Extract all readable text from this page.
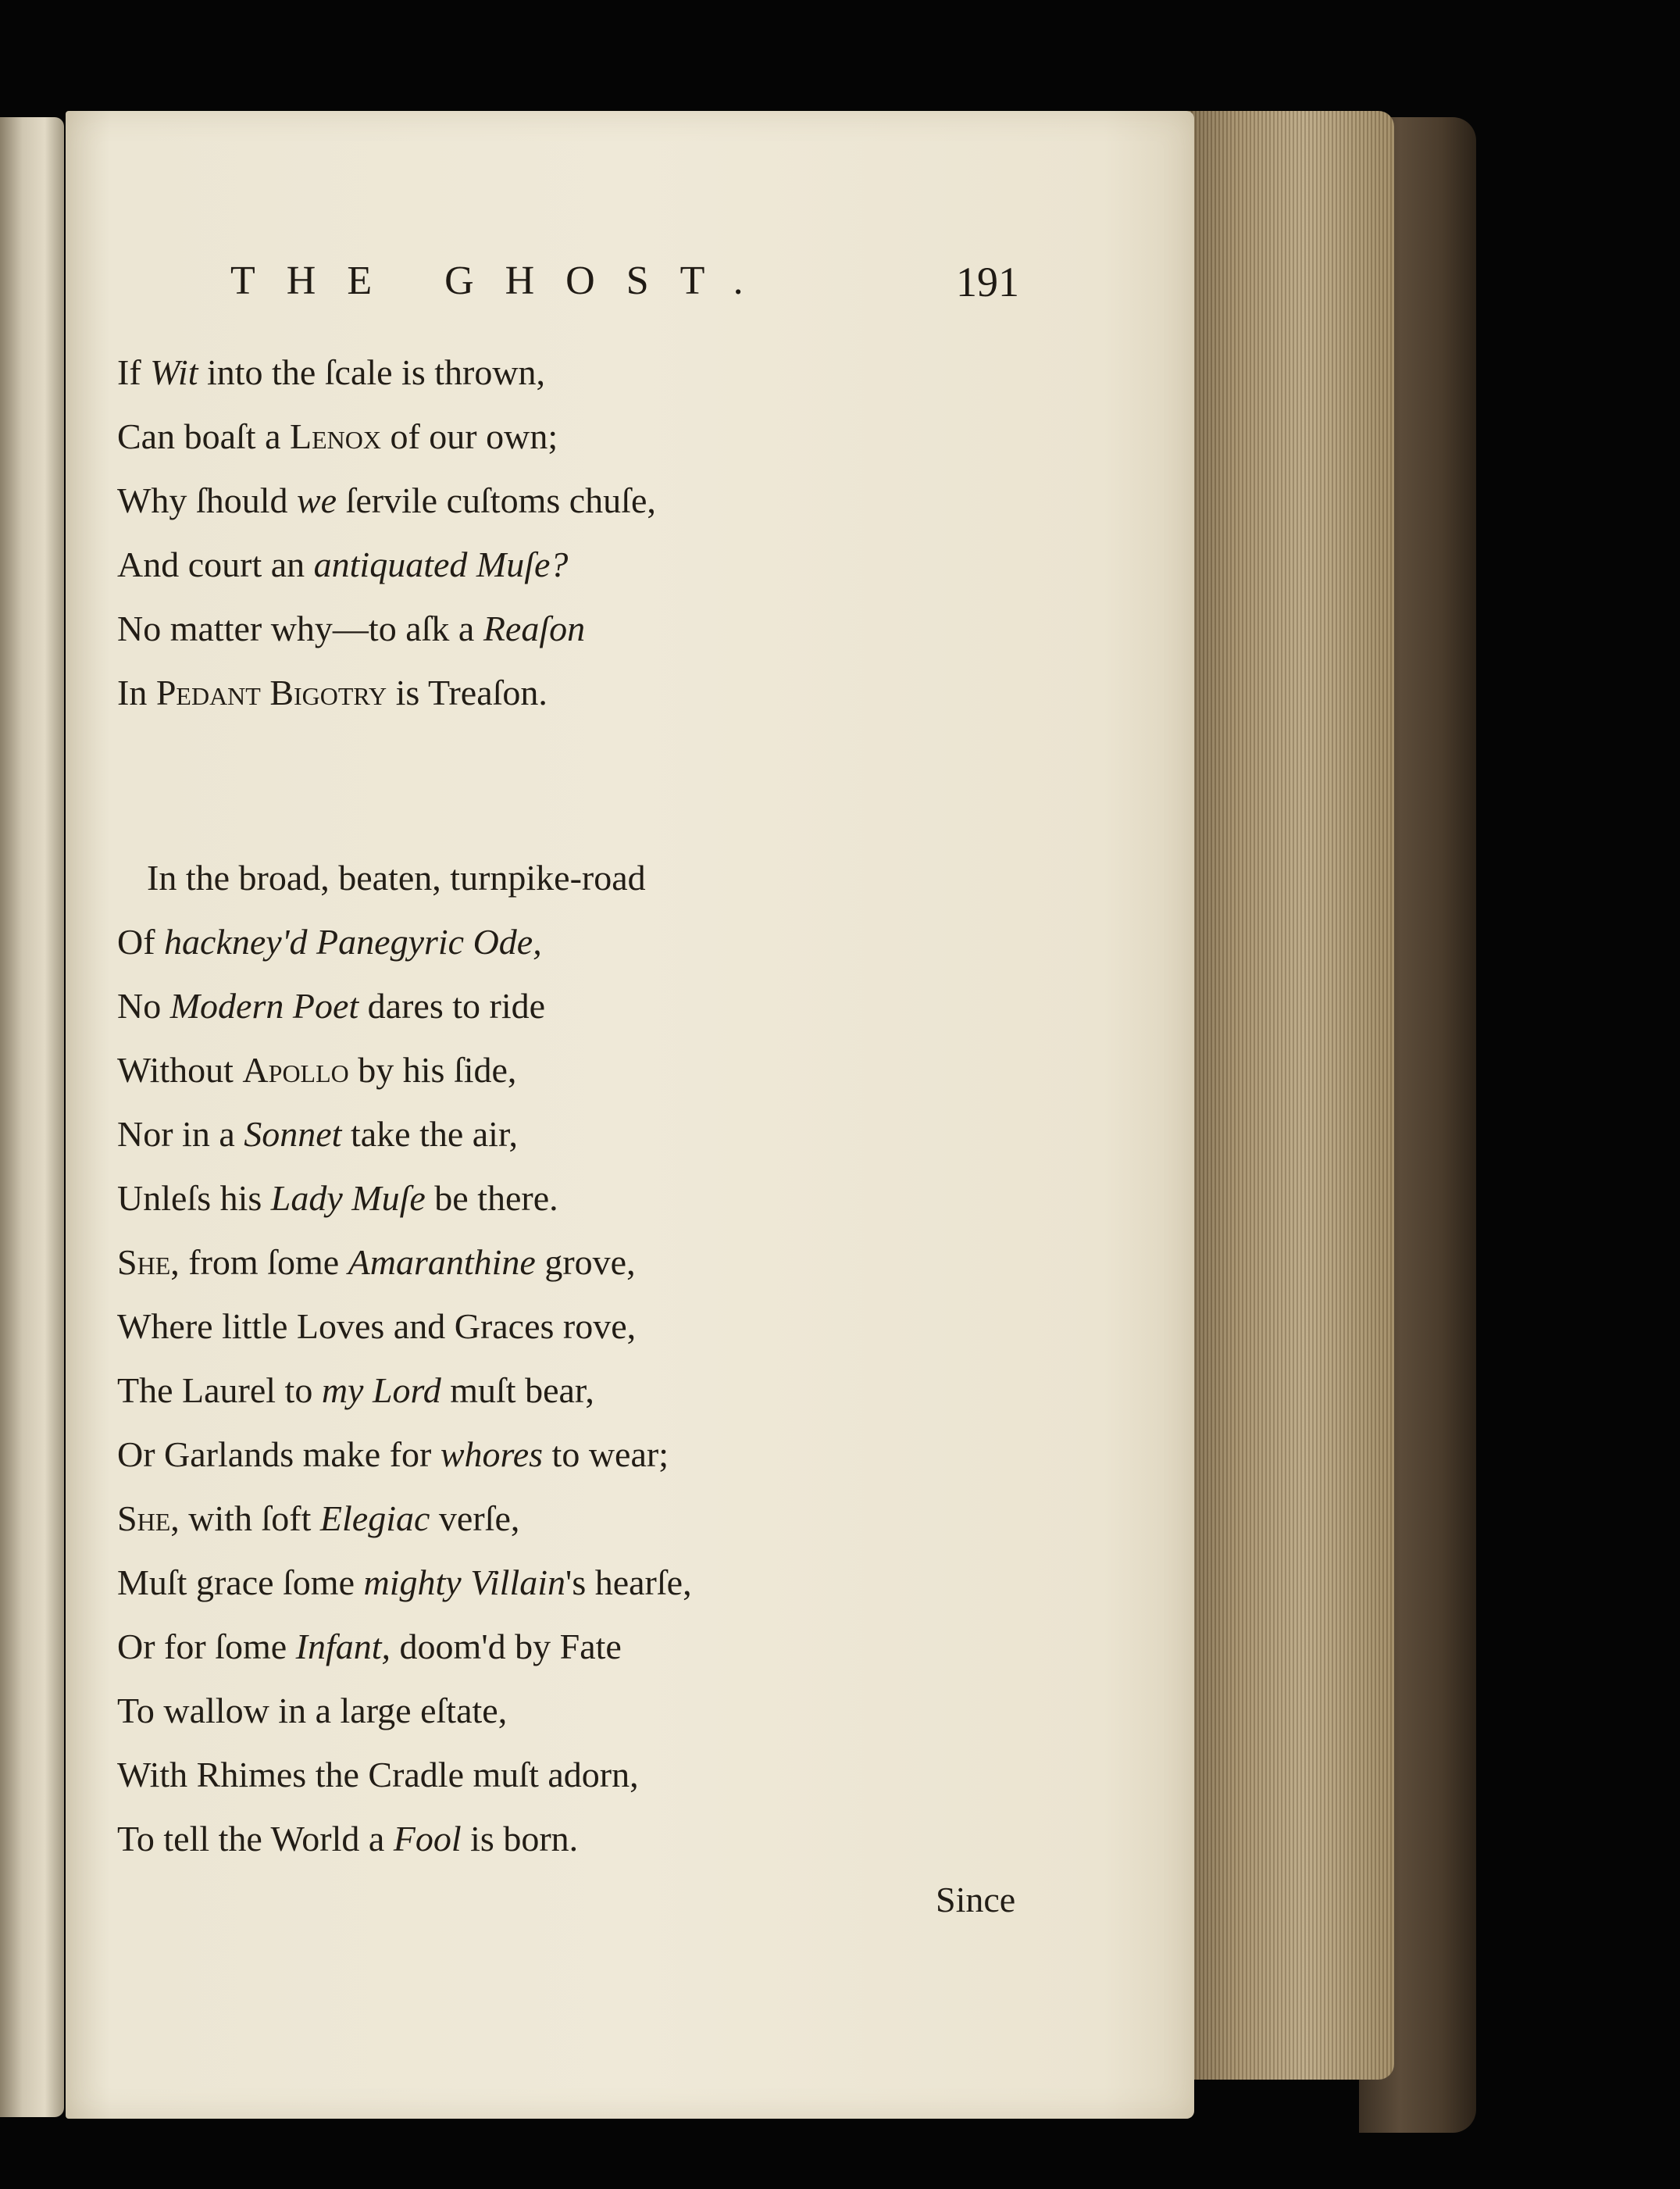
THE GHOST.	191
If Wit into the ſcale is thrown,
Can boaſt a Lenox of our own;
Why ſhould we ſervile cuſtoms chuſe,
And court an antiquated Muſe?
No matter why—to aſk a Reaſon
In Pedant Bigotry is Treaſon.
In the broad, beaten, turnpike-road
Of hackney'd Panegyric Ode,
No Modern Poet dares to ride
Without Apollo by his ſide,
Nor in a Sonnet take the air,
Unleſs his Lady Muſe be there.
She, from ſome Amaranthine grove,
Where little Loves and Graces rove,
The Laurel to my Lord muſt bear,
Or Garlands make for whores to wear;
She, with ſoft Elegiac verſe,
Muſt grace ſome mighty Villain's hearſe,
Or for ſome Infant, doom'd by Fate
To wallow in a large eſtate,
With Rhimes the Cradle muſt adorn,
To tell the World a Fool is born.
Since
